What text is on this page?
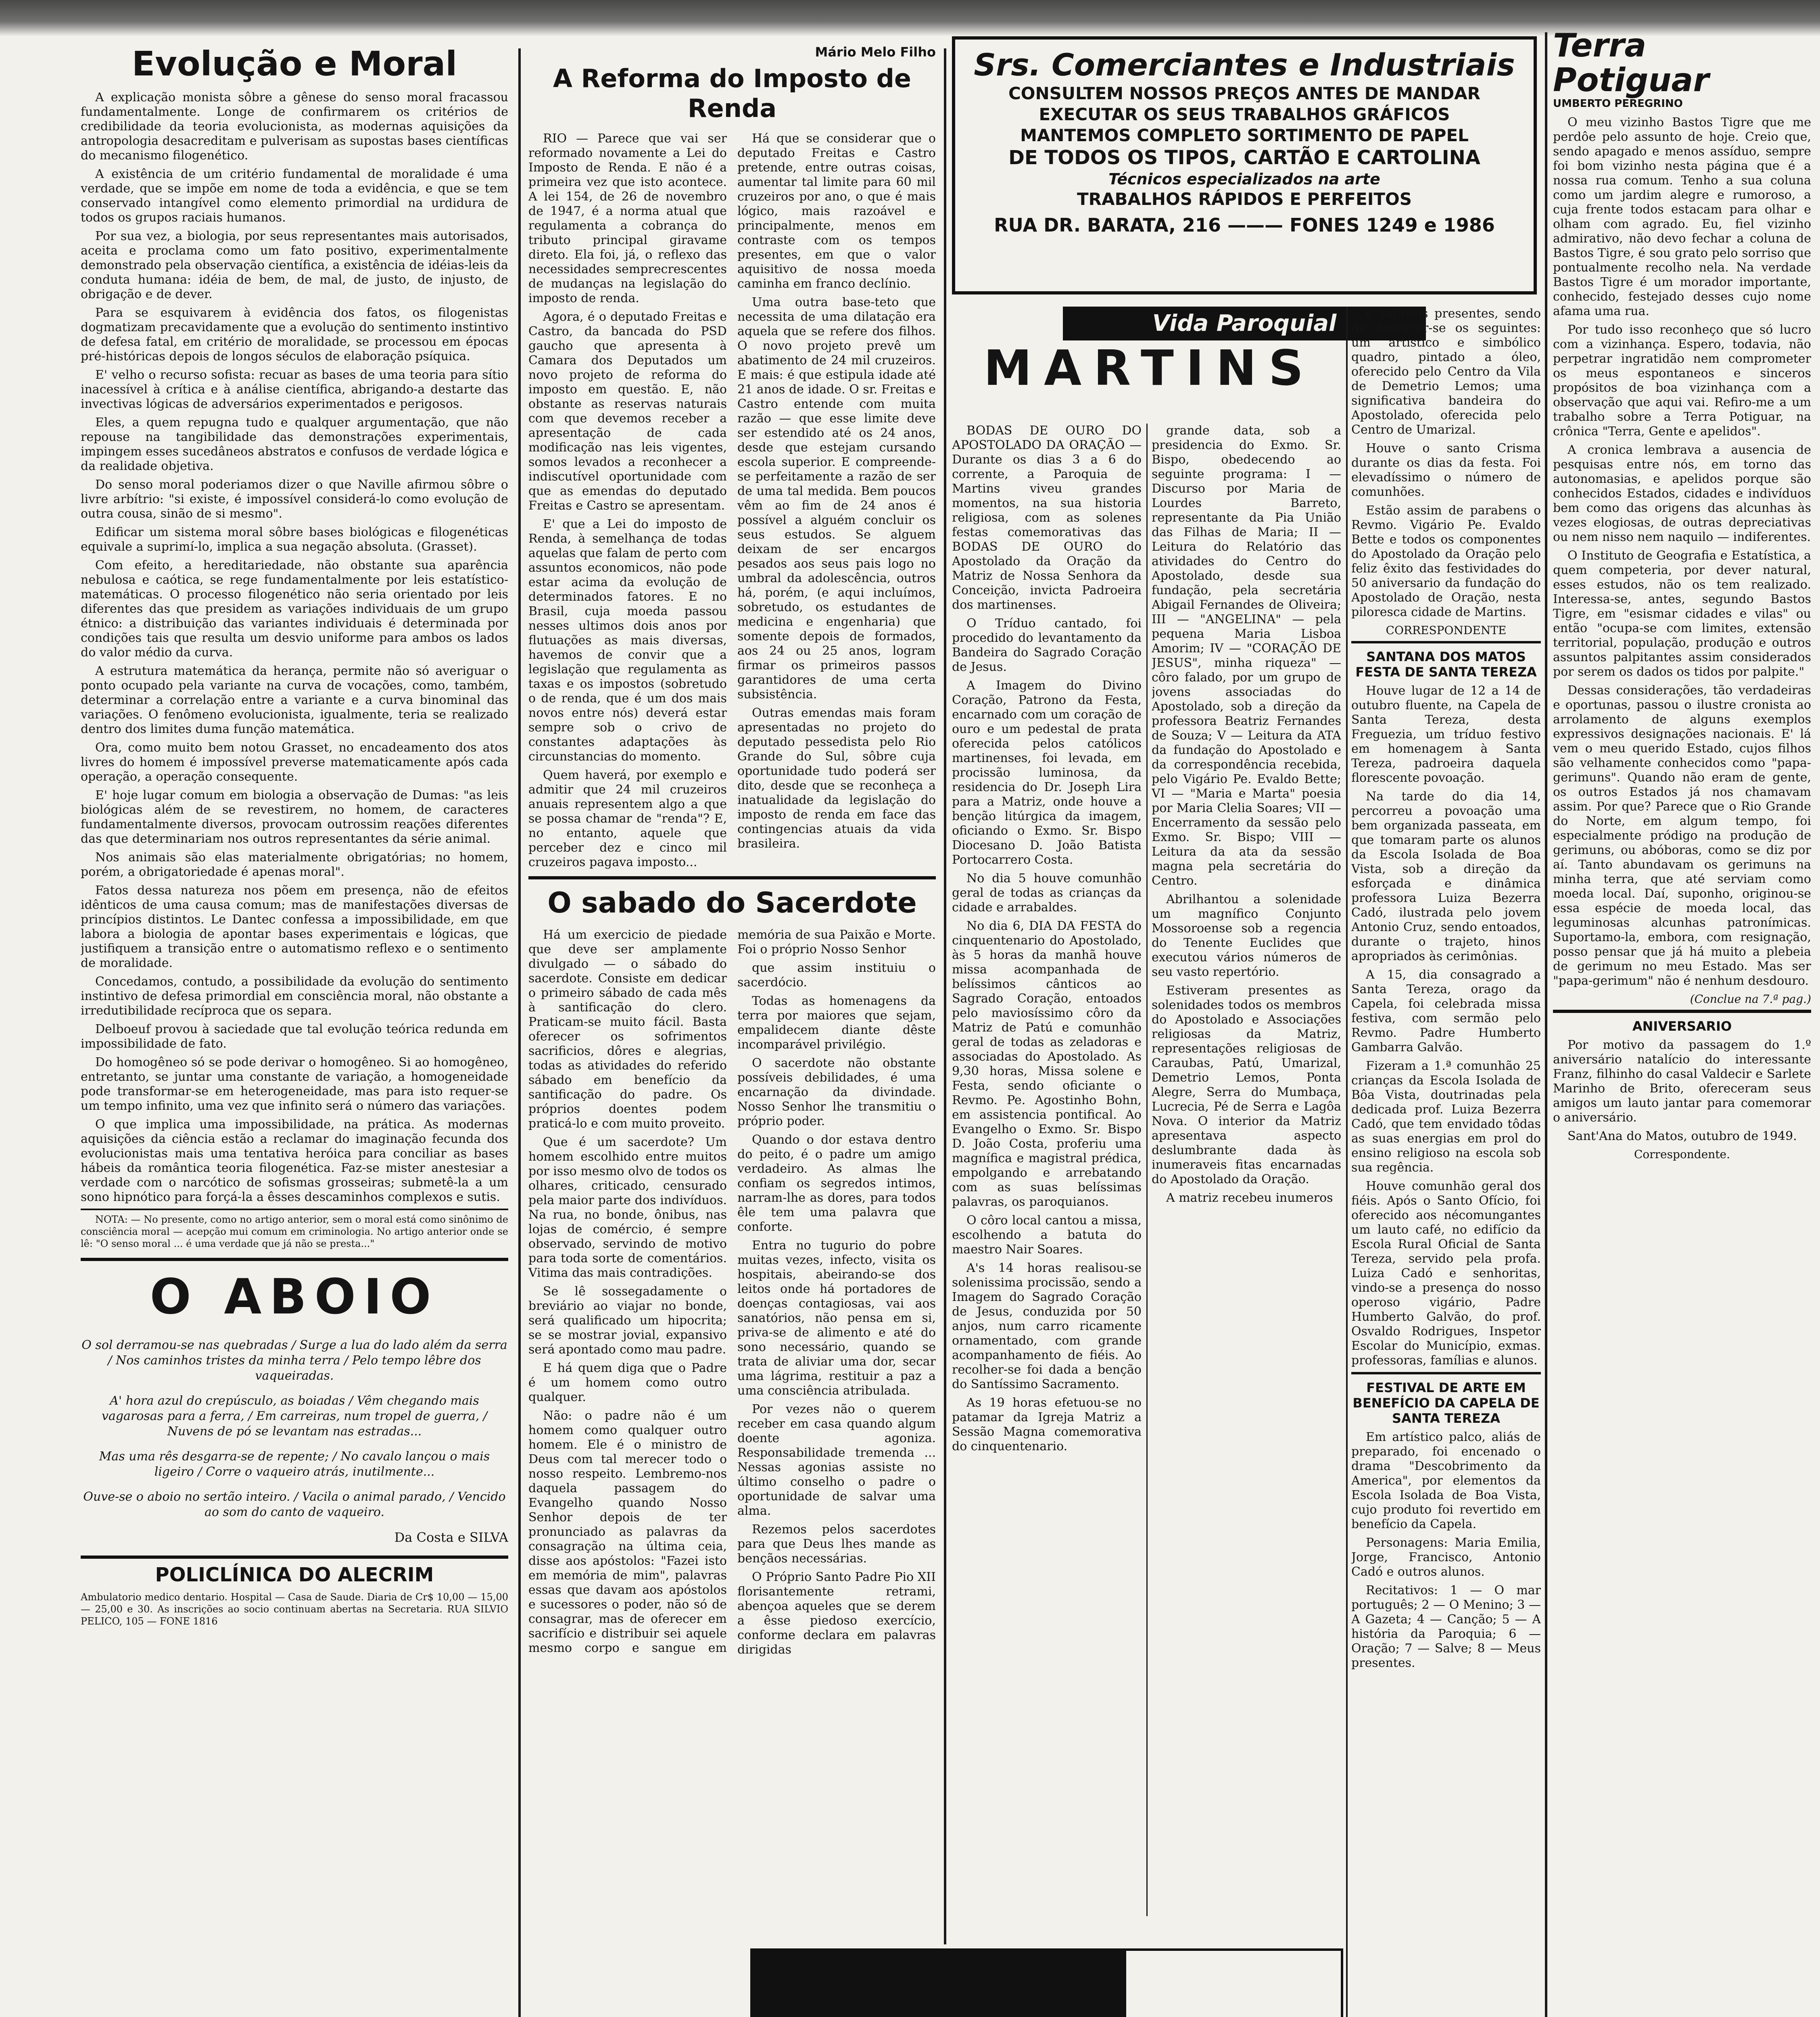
Evolução e Moral

A explicação monista sôbre a gênese do senso moral fracassou fundamentalmente. Longe de confirmarem os critérios de credibilidade da teoria evolucionista, as modernas aquisições da antropologia desacreditam e pulverisam as supostas bases científicas do mecanismo filogenético.

A existência de um critério fundamental de moralidade é uma verdade, que se impõe em nome de toda a evidência, e que se tem conservado intangível como elemento primordial na urdidura de todos os grupos raciais humanos.

Por sua vez, a biologia, por seus representantes mais autorisados, aceita e proclama como um fato positivo, experimentalmente demonstrado pela observação científica, a existência de idéias-leis da conduta humana: idéia de bem, de mal, de justo, de injusto, de obrigação e de dever.

Para se esquivarem à evidência dos fatos, os filogenistas dogmatizam precavidamente que a evolução do sentimento instintivo de defesa fatal, em critério de moralidade, se processou em épocas pré-históricas depois de longos séculos de elaboração psíquica.

E' velho o recurso sofista: recuar as bases de uma teoria para sítio inacessível à crítica e à análise científica, abrigando-a destarte das invectivas lógicas de adversários experimentados e perigosos.

Eles, a quem repugna tudo e qualquer argumentação, que não repouse na tangibilidade das demonstrações experimentais, impingem esses sucedâneos abstratos e confusos de verdade lógica e da realidade objetiva.

Do senso moral poderiamos dizer o que Naville afirmou sôbre o livre arbítrio: "si existe, é impossível considerá-lo como evolução de outra cousa, sinão de si mesmo".

Edificar um sistema moral sôbre bases biológicas e filogenéticas equivale a suprimí-lo, implica a sua negação absoluta. (Grasset).

Com efeito, a hereditariedade, não obstante sua aparência nebulosa e caótica, se rege fundamentalmente por leis estatístico-matemáticas. O processo filogenético não seria orientado por leis diferentes das que presidem as variações individuais de um grupo étnico: a distribuição das variantes individuais é determinada por condições tais que resulta um desvio uniforme para ambos os lados do valor médio da curva.

A estrutura matemática da herança, permite não só averiguar o ponto ocupado pela variante na curva de vocações, como, também, determinar a correlação entre a variante e a curva binominal das variações. O fenômeno evolucionista, igualmente, teria se realizado dentro dos limites duma função matemática.

Ora, como muito bem notou Grasset, no encadeamento dos atos livres do homem é impossível preverse matematicamente após cada operação, a operação consequente.

E' hoje lugar comum em biologia a observação de Dumas: "as leis biológicas além de se revestirem, no homem, de caracteres fundamentalmente diversos, provocam outrossim reações diferentes das que determinariam nos outros representantes da série animal.

Nos animais são elas materialmente obrigatórias; no homem, porém, a obrigatoriedade é apenas moral".

Fatos dessa natureza nos põem em presença, não de efeitos idênticos de uma causa comum; mas de manifestações diversas de princípios distintos. Le Dantec confessa a impossibilidade, em que labora a biologia de apontar bases experimentais e lógicas, que justifiquem a transição entre o automatismo reflexo e o sentimento de moralidade.

Concedamos, contudo, a possibilidade da evolução do sentimento instintivo de defesa primordial em consciência moral, não obstante a irredutibilidade recíproca que os separa.

Delboeuf provou à saciedade que tal evolução teórica redunda em impossibilidade de fato.

Do homogêneo só se pode derivar o homogêneo. Si ao homogêneo, entretanto, se juntar uma constante de variação, a homogeneidade pode transformar-se em heterogeneidade, mas para isto requer-se um tempo infinito, uma vez que infinito será o número das variações.

O que implica uma impossibilidade, na prática. As modernas aquisições da ciência estão a reclamar do imaginação fecunda dos evolucionistas mais uma tentativa heróica para conciliar as bases hábeis da romântica teoria filogenética. Faz-se mister anestesiar a verdade com o narcótico de sofismas grosseiras; submetê-la a um sono hipnótico para forçá-la a êsses descaminhos complexos e sutis.

NOTA: — No presente, como no artigo anterior, sem o moral está como sinônimo de consciência moral — acepção mui comum em criminologia. No artigo anterior onde se lê: "O senso moral ... é uma verdade que já não se presta..."
O ABOIO

O sol derramou-se nas quebradas / Surge a lua do lado além da serra / Nos caminhos tristes da minha terra / Pelo tempo lêbre dos vaqueiradas.

A' hora azul do crepúsculo, as boiadas / Vêm chegando mais vagarosas para a ferra, / Em carreiras, num tropel de guerra, / Nuvens de pó se levantam nas estradas...

Mas uma rês desgarra-se de repente; / No cavalo lançou o mais ligeiro / Corre o vaqueiro atrás, inutilmente...

Ouve-se o aboio no sertão inteiro. / Vacila o animal parado, / Vencido ao som do canto de vaqueiro.

Da Costa e SILVA
POLICLÍNICA DO ALECRIM
Ambulatorio medico dentario. Hospital — Casa de Saude. Diaria de Cr$ 10,00 — 15,00 — 25,00 e 30. As inscrições ao socio continuam abertas na Secretaria. RUA SILVIO PELICO, 105 — FONE 1816
Mário Melo Filho
A Reforma do Imposto de Renda

RIO — Parece que vai ser reformado novamente a Lei do Imposto de Renda. E não é a primeira vez que isto acontece. A lei 154, de 26 de novembro de 1947, é a norma atual que regulamenta a cobrança do tributo principal giravame direto. Ela foi, já, o reflexo das necessidades semprecrescentes de mudanças na legislação do imposto de renda.

Agora, é o deputado Freitas e Castro, da bancada do PSD gaucho que apresenta à Camara dos Deputados um novo projeto de reforma do imposto em questão. E, não obstante as reservas naturais com que devemos receber a apresentação de cada modificação nas leis vigentes, somos levados a reconhecer a indiscutível oportunidade com que as emendas do deputado Freitas e Castro se apresentam.

E' que a Lei do imposto de Renda, à semelhança de todas aquelas que falam de perto com assuntos economicos, não pode estar acima da evolução de determinados fatores. E no Brasil, cuja moeda passou nesses ultimos dois anos por flutuações as mais diversas, havemos de convir que a legislação que regulamenta as taxas e os impostos (sobretudo o de renda, que é um dos mais novos entre nós) deverá estar sempre sob o crivo de constantes adaptações às circunstancias do momento.

Quem haverá, por exemplo e admitir que 24 mil cruzeiros anuais representem algo a que se possa chamar de "renda"? E, no entanto, aquele que perceber dez e cinco mil cruzeiros pagava imposto...

Há que se considerar que o deputado Freitas e Castro pretende, entre outras coisas, aumentar tal limite para 60 mil cruzeiros por ano, o que é mais lógico, mais razoável e principalmente, menos em contraste com os tempos presentes, em que o valor aquisitivo de nossa moeda caminha em franco declínio.

Uma outra base-teto que necessita de uma dilatação era aquela que se refere dos filhos. O novo projeto prevê um abatimento de 24 mil cruzeiros. E mais: é que estipula idade até 21 anos de idade. O sr. Freitas e Castro entende com muita razão — que esse limite deve ser estendido até os 24 anos, desde que estejam cursando escola superior. E compreende-se perfeitamente a razão de ser de uma tal medida. Bem poucos vêm ao fim de 24 anos é possível a alguém concluir os seus estudos. Se alguem deixam de ser encargos pesados aos seus pais logo no umbral da adolescência, outros há, porém, (e aqui incluímos, sobretudo, os estudantes de medicina e engenharia) que somente depois de formados, aos 24 ou 25 anos, logram firmar os primeiros passos garantidores de uma certa subsistência.

Outras emendas mais foram apresentadas no projeto do deputado pessedista pelo Rio Grande do Sul, sôbre cuja oportunidade tudo poderá ser dito, desde que se reconheça a inatualidade da legislação do imposto de renda em face das contingencias atuais da vida brasileira.

O sabado do Sacerdote

Há um exercicio de piedade que deve ser amplamente divulgado — o sábado do sacerdote. Consiste em dedicar o primeiro sábado de cada mês à santificação do clero. Praticam-se muito fácil. Basta oferecer os sofrimentos sacrificios, dôres e alegrias, todas as atividades do referido sábado em benefício da santificação do padre. Os próprios doentes podem praticá-lo e com muito proveito.

Que é um sacerdote? Um homem escolhido entre muitos por isso mesmo olvo de todos os olhares, criticado, censurado pela maior parte dos indivíduos. Na rua, no bonde, ônibus, nas lojas de comércio, é sempre observado, servindo de motivo para toda sorte de comentários. Vitima das mais contradições.

Se lê sossegadamente o breviário ao viajar no bonde, será qualificado um hipocrita; se se mostrar jovial, expansivo será apontado como mau padre.

E há quem diga que o Padre é um homem como outro qualquer.

Não: o padre não é um homem como qualquer outro homem. Ele é o ministro de Deus com tal merecer todo o nosso respeito. Lembremo-nos daquela passagem do Evangelho quando Nosso Senhor depois de ter pronunciado as palavras da consagração na última ceia, disse aos apóstolos: "Fazei isto em memória de mim", palavras essas que davam aos apóstolos e sucessores o poder, não só de consagrar, mas de oferecer em sacrifício e distribuir sei aquele mesmo corpo e sangue em memória de sua Paixão e Morte. Foi o próprio Nosso Senhor

que assim instituiu o sacerdócio.

Todas as homenagens da terra por maiores que sejam, empalidecem diante dêste incomparável privilégio.

O sacerdote não obstante possíveis debilidades, é uma encarnação da divindade. Nosso Senhor lhe transmitiu o próprio poder.

Quando o dor estava dentro do peito, é o padre um amigo verdadeiro. As almas lhe confiam os segredos intimos, narram-lhe as dores, para todos êle tem uma palavra que conforte.

Entra no tugurio do pobre muitas vezes, infecto, visita os hospitais, abeirando-se dos leitos onde há portadores de doenças contagiosas, vai aos sanatórios, não pensa em si, priva-se de alimento e até do sono necessário, quando se trata de aliviar uma dor, secar uma lágrima, restituir a paz a uma consciência atribulada.

Por vezes não o querem receber em casa quando algum doente agoniza. Responsabilidade tremenda ... Nessas agonias assiste no último conselho o padre o oportunidade de salvar uma alma.

Rezemos pelos sacerdotes para que Deus lhes mande as bençãos necessárias.

O Próprio Santo Padre Pio XII florisantemente retrami, abençoa aqueles que se derem a êsse piedoso exercício, conforme declara em palavras dirigidas

Srs. Comerciantes e Industriais
CONSULTEM NOSSOS PREÇOS ANTES DE MANDAR
EXECUTAR OS SEUS TRABALHOS GRÁFICOS
MANTEMOS COMPLETO SORTIMENTO DE PAPEL
DE TODOS OS TIPOS, CARTÃO E CARTOLINA
Técnicos especializados na arte
TRABALHOS RÁPIDOS E PERFEITOS
RUA DR. BARATA, 216 ——— FONES 1249 e 1986
Vida Paroquial
MARTINS

BODAS DE OURO DO APOSTOLADO DA ORAÇÃO — Durante os dias 3 a 6 do corrente, a Paroquia de Martins viveu grandes momentos, na sua historia religiosa, com as solenes festas comemorativas das BODAS DE OURO do Apostolado da Oração da Matriz de Nossa Senhora da Conceição, invicta Padroeira dos martinenses.

O Tríduo cantado, foi procedido do levantamento da Bandeira do Sagrado Coração de Jesus.

A Imagem do Divino Coração, Patrono da Festa, encarnado com um coração de ouro e um pedestal de prata oferecida pelos católicos martinenses, foi levada, em procissão luminosa, da residencia do Dr. Joseph Lira para a Matriz, onde houve a benção litúrgica da imagem, oficiando o Exmo. Sr. Bispo Diocesano D. João Batista Portocarrero Costa.

No dia 5 houve comunhão geral de todas as crianças da cidade e arrabaldes.

No dia 6, DIA DA FESTA do cinquentenario do Apostolado, às 5 horas da manhã houve missa acompanhada de belíssimos cânticos ao Sagrado Coração, entoados pelo maviosíssimo côro da Matriz de Patú e comunhão geral de todas as zeladoras e associadas do Apostolado. As 9,30 horas, Missa solene e Festa, sendo oficiante o Revmo. Pe. Agostinho Bohn, em assistencia pontifical. Ao Evangelho o Exmo. Sr. Bispo D. João Costa, proferiu uma magnífica e magistral prédica, empolgando e arrebatando com as suas belíssimas palavras, os paroquianos.

O côro local cantou a missa, escolhendo a batuta do maestro Nair Soares.

A's 14 horas realisou-se solenissima procissão, sendo a Imagem do Sagrado Coração de Jesus, conduzida por 50 anjos, num carro ricamente ornamentado, com grande acompanhamento de fiéis. Ao recolher-se foi dada a benção do Santíssimo Sacramento.

As 19 horas efetuou-se no patamar da Igreja Matriz a Sessão Magna comemorativa do cinquentenario.

grande data, sob a presidencia do Exmo. Sr. Bispo, obedecendo ao seguinte programa: I — Discurso por Maria de Lourdes Barreto, representante da Pia União das Filhas de Maria; II — Leitura do Relatório das atividades do Centro do Apostolado, desde sua fundação, pela secretária Abigail Fernandes de Oliveira; III — "ANGELINA" — pela pequena Maria Lisboa Amorim; IV — "CORAÇÃO DE JESUS", minha riqueza" — côro falado, por um grupo de jovens associadas do Apostolado, sob a direção da professora Beatriz Fernandes de Souza; V — Leitura da ATA da fundação do Apostolado e da correspondência recebida, pelo Vigário Pe. Evaldo Bette; VI — "Maria e Marta" poesia por Maria Clelia Soares; VII — Encerramento da sessão pelo Exmo. Sr. Bispo; VIII — Leitura da ata da sessão magna pela secretária do Centro.

Abrilhantou a solenidade um magnífico Conjunto Mossoroense sob a regencia do Tenente Euclides que executou vários números de seu vasto repertório.

Estiveram presentes as solenidades todos os membros do Apostolado e Associações religiosas da Matriz, representações religiosas de Caraubas, Patú, Umarizal, Demetrio Lemos, Ponta Alegre, Serra do Mumbaça, Lucrecia, Pé de Serra e Lagôa Nova. O interior da Matriz apresentava aspecto deslumbrante dada às inumeraveis fitas encarnadas do Apostolado da Oração.

A matriz recebeu inumeros

e valiosos presentes, sendo de destacar-se os seguintes: um artístico e simbólico quadro, pintado a óleo, oferecido pelo Centro da Vila de Demetrio Lemos; uma significativa bandeira do Apostolado, oferecida pelo Centro de Umarizal.

Houve o santo Crisma durante os dias da festa. Foi elevadíssimo o número de comunhões.

Estão assim de parabens o Revmo. Vigário Pe. Evaldo Bette e todos os componentes do Apostolado da Oração pelo feliz êxito das festividades do 50 aniversario da fundação do Apostolado de Oração, nesta piloresca cidade de Martins.

CORRESPONDENTE
SANTANA DOS MATOS FESTA DE SANTA TEREZA

Houve lugar de 12 a 14 de outubro fluente, na Capela de Santa Tereza, desta Freguezia, um tríduo festivo em homenagem à Santa Tereza, padroeira daquela florescente povoação.

Na tarde do dia 14, percorreu a povoação uma bem organizada passeata, em que tomaram parte os alunos da Escola Isolada de Boa Vista, sob a direção da esforçada e dinâmica professora Luiza Bezerra Cadó, ilustrada pelo jovem Antonio Cruz, sendo entoados, durante o trajeto, hinos apropriados às cerimônias.

A 15, dia consagrado a Santa Tereza, orago da Capela, foi celebrada missa festiva, com sermão pelo Revmo. Padre Humberto Gambarra Galvão.

Fizeram a 1.ª comunhão 25 crianças da Escola Isolada de Bôa Vista, doutrinadas pela dedicada prof. Luiza Bezerra Cadó, que tem envidado tôdas as suas energias em prol do ensino religioso na escola sob sua regência.

Houve comunhão geral dos fiéis. Após o Santo Ofício, foi oferecido aos nécomungantes um lauto café, no edifício da Escola Rural Oficial de Santa Tereza, servido pela profa. Luiza Cadó e senhoritas, vindo-se a presença do nosso operoso vigário, Padre Humberto Galvão, do prof. Osvaldo Rodrigues, Inspetor Escolar do Município, exmas. professoras, famílias e alunos.

FESTIVAL DE ARTE EM BENEFÍCIO DA CAPELA DE SANTA TEREZA

Em artístico palco, aliás de preparado, foi encenado o drama "Descobrimento da America", por elementos da Escola Isolada de Boa Vista, cujo produto foi revertido em benefício da Capela.

Personagens: Maria Emilia, Jorge, Francisco, Antonio Cadó e outros alunos.

Recitativos: 1 — O mar português; 2 — O Menino; 3 — A Gazeta; 4 — Canção; 5 — A história da Paroquia; 6 — Oração; 7 — Salve; 8 — Meus presentes.

Terra Potiguar
UMBERTO PEREGRINO

O meu vizinho Bastos Tigre que me perdôe pelo assunto de hoje. Creio que, sendo apagado e menos assíduo, sempre foi bom vizinho nesta página que é a nossa rua comum. Tenho a sua coluna como um jardim alegre e rumoroso, a cuja frente todos estacam para olhar e olham com agrado. Eu, fiel vizinho admirativo, não devo fechar a coluna de Bastos Tigre, é sou grato pelo sorriso que pontualmente recolho nela. Na verdade Bastos Tigre é um morador importante, conhecido, festejado desses cujo nome afama uma rua.

Por tudo isso reconheço que só lucro com a vizinhança. Espero, todavia, não perpetrar ingratidão nem comprometer os meus espontaneos e sinceros propósitos de boa vizinhança com a observação que aqui vai. Refiro-me a um trabalho sobre a Terra Potiguar, na crônica "Terra, Gente e apelidos".

A cronica lembrava a ausencia de pesquisas entre nós, em torno das autonomasias, e apelidos porque são conhecidos Estados, cidades e indivíduos bem como das origens das alcunhas às vezes elogiosas, de outras depreciativas ou nem nisso nem naquilo — indiferentes.

O Instituto de Geografia e Estatística, a quem competeria, por dever natural, esses estudos, não os tem realizado. Interessa-se, antes, segundo Bastos Tigre, em "esismar cidades e vilas" ou então "ocupa-se com limites, extensão territorial, população, produção e outros assuntos palpitantes assim considerados por serem os dados os tidos por palpite."

Dessas considerações, tão verdadeiras e oportunas, passou o ilustre cronista ao arrolamento de alguns exemplos expressivos designações nacionais. E' lá vem o meu querido Estado, cujos filhos são velhamente conhecidos como "papa-gerimuns". Quando não eram de gente, os outros Estados já nos chamavam assim. Por que? Parece que o Rio Grande do Norte, em algum tempo, foi especialmente pródigo na produção de gerimuns, ou abóboras, como se diz por aí. Tanto abundavam os gerimuns na minha terra, que até serviam como moeda local. Daí, suponho, originou-se essa espécie de moeda local, das leguminosas alcunhas patronímicas. Suportamo-la, embora, com resignação, posso pensar que já há muito a plebeia de gerimum no meu Estado. Mas ser "papa-gerimum" não é nenhum desdouro.

(Conclue na 7.ª pag.)
ANIVERSARIO

Por motivo da passagem do 1.º aniversário natalício do interessante Franz, filhinho do casal Valdecir e Sarlete Marinho de Brito, ofereceram seus amigos um lauto jantar para comemorar o aniversário.

Sant'Ana do Matos, outubro de 1949.

Correspondente.
